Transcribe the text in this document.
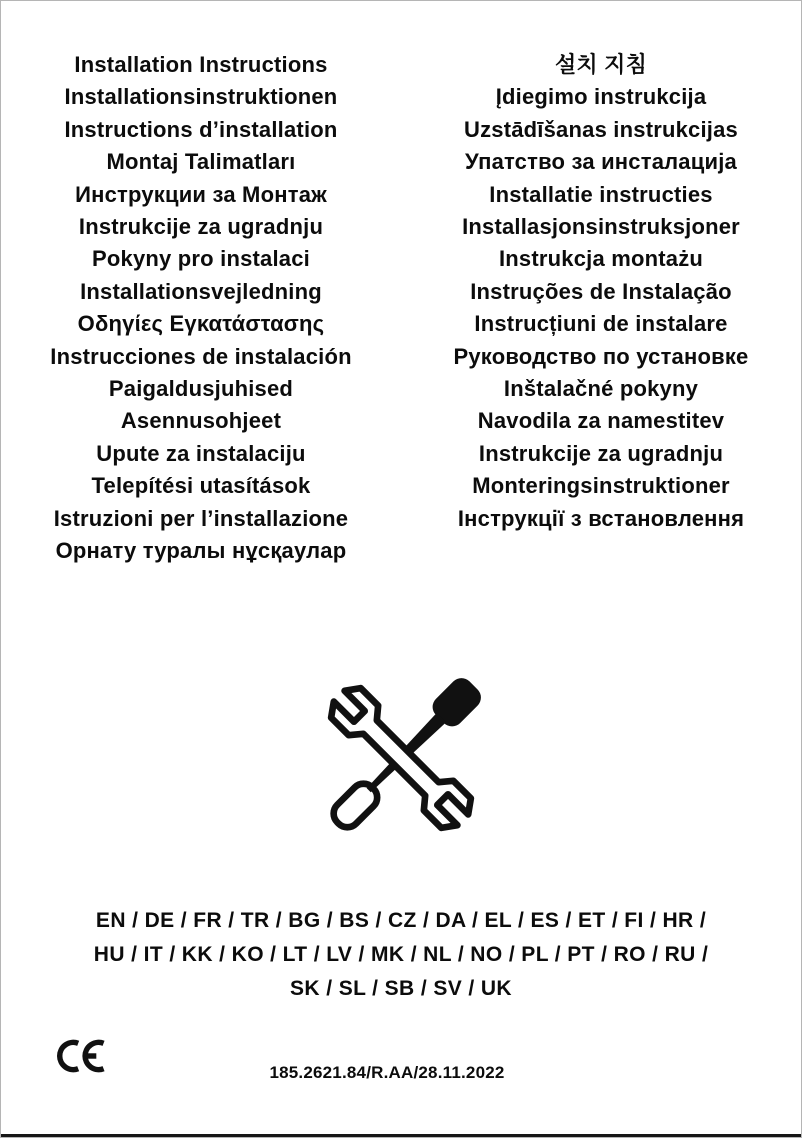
Installation Instructions
Installationsinstruktionen
Instructions d’installation
Montaj Talimatları
Инструкции за Монтаж
Instrukcije za ugradnju
Pokyny pro instalaci
Installationsvejledning
Οδηγίες Εγκατάστασης
Instrucciones de instalación
Paigaldusjuhised
Asennusohjeet
Upute za instalaciju
Telepítési utasítások
Istruzioni per l’installazione
Орнату туралы нұсқаулар
설치 지침
Įdiegimo instrukcija
Uzstādīšanas instrukcijas
Упатство за инсталација
Installatie instructies
Installasjonsinstruksjoner
Instrukcja montażu
Instruções de Instalação
Instrucțiuni de instalare
Руководство по установке
Inštalačné pokyny
Navodila za namestitev
Instrukcije za ugradnju
Monteringsinstruktioner
Інструкції з встановлення
EN / DE / FR / TR / BG / BS / CZ / DA / EL / ES / ET / FI / HR /
HU / IT / KK / KO / LT / LV / MK / NL / NO / PL / PT / RO / RU /
SK / SL / SB / SV / UK
185.2621.84/R.AA/28.11.2022
